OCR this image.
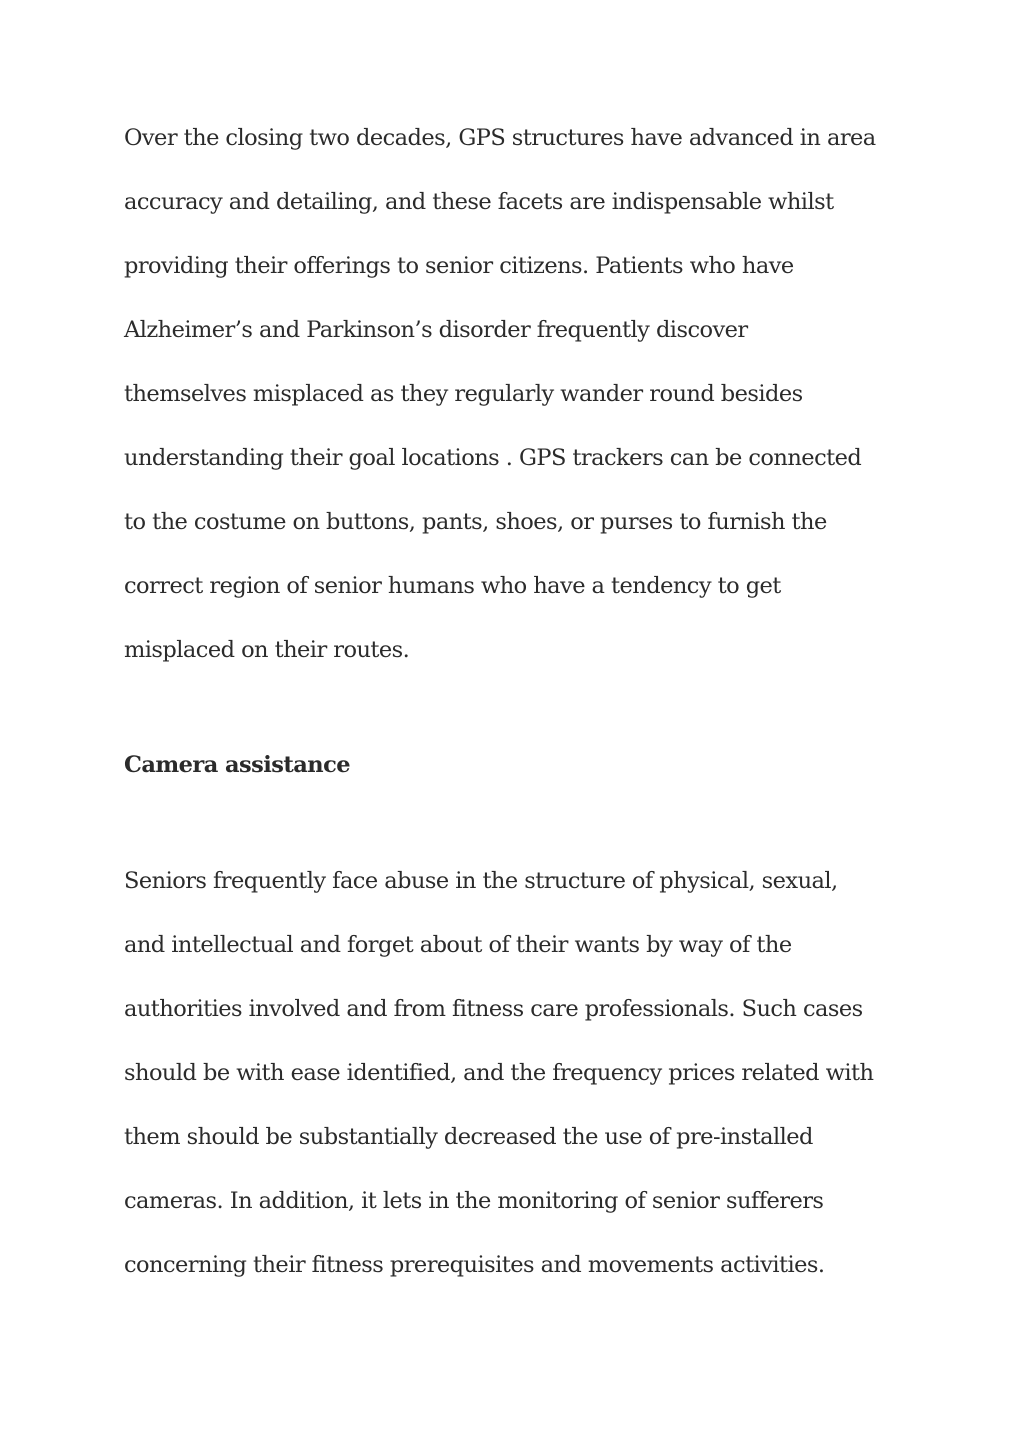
Over the closing two decades, GPS structures have advanced in area
accuracy and detailing, and these facets are indispensable whilst
providing their offerings to senior citizens. Patients who have
Alzheimer’s and Parkinson’s disorder frequently discover
themselves misplaced as they regularly wander round besides
understanding their goal locations . GPS trackers can be connected
to the costume on buttons, pants, shoes, or purses to furnish the
correct region of senior humans who have a tendency to get
misplaced on their routes.
Camera assistance
Seniors frequently face abuse in the structure of physical, sexual,
and intellectual and forget about of their wants by way of the
authorities involved and from fitness care professionals. Such cases
should be with ease identified, and the frequency prices related with
them should be substantially decreased the use of pre-installed
cameras. In addition, it lets in the monitoring of senior sufferers
concerning their fitness prerequisites and movements activities.
